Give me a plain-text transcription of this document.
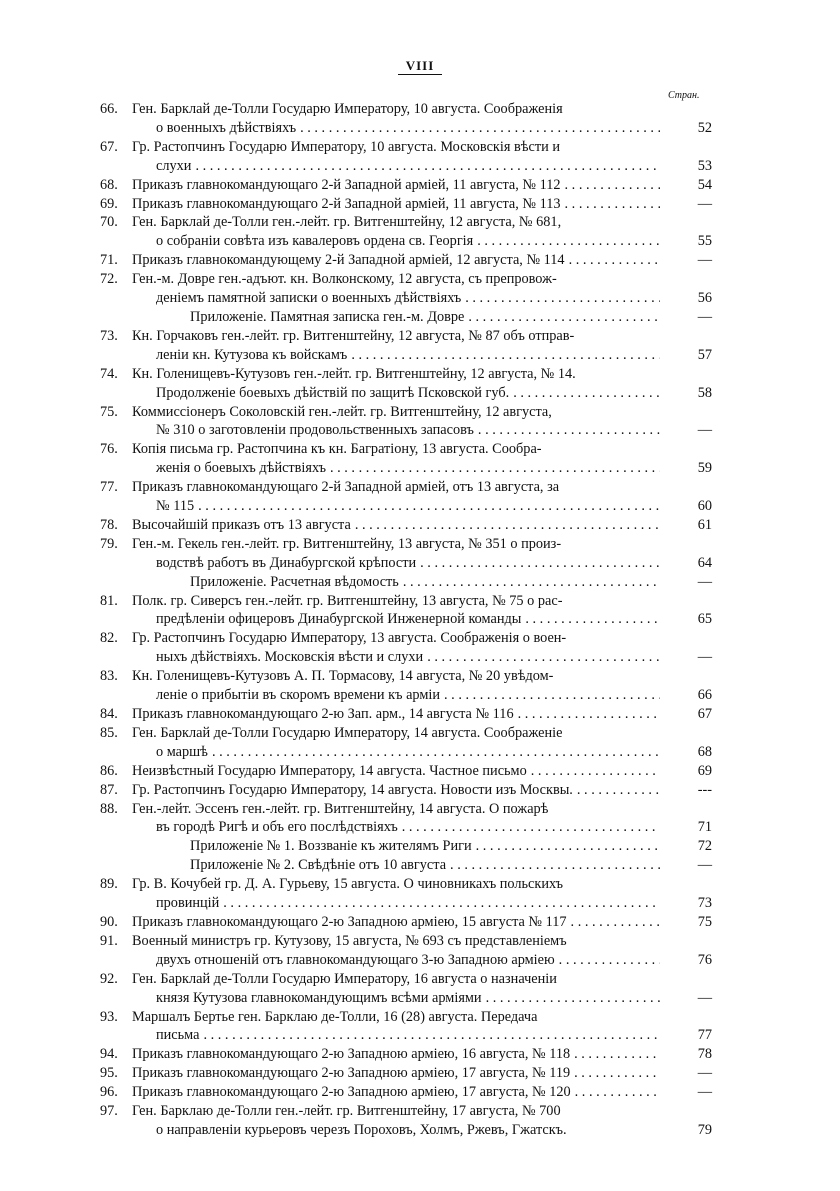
VIII
Стран.
66. Ген. Барклай де-Толли Государю Императору, 10 августа. Соображенія
о военныхъ дѣйствіяхъ . . .	52
67. Гр. Растопчинъ Государю Императору, 10 августа. Московскія вѣсти и
слухи . . .	53
68. Приказъ главнокомандующаго 2-й Западной арміей, 11 августа, № 112 . . .	54
69. Приказъ главнокомандующаго 2-й Западной арміей, 11 августа, № 113 . . .	—
70. Ген. Барклай де-Толли ген.-лейт. гр. Витгенштейну, 12 августа, № 681,
о собраніи совѣта изъ кавалеровъ ордена св. Георгія . . .	55
71. Приказъ главнокомандующему 2-й Западной арміей, 12 августа, № 114 . . .	—
72. Ген.-м. Довре ген.-адъют. кн. Волконскому, 12 августа, съ препровож-
деніемъ памятной записки о военныхъ дѣйствіяхъ . . .	56
Приложеніе. Памятная записка ген.-м. Довре . . .	—
73. Кн. Горчаковъ ген.-лейт. гр. Витгенштейну, 12 августа, № 87 объ отправ-
леніи кн. Кутузова къ войскамъ . . .	57
74. Кн. Голенищевъ-Кутузовъ ген.-лейт. гр. Витгенштейну, 12 августа, № 14.
Продолженіе боевыхъ дѣйствій по защитѣ Псковской губ. . . .	58
75. Коммиссіонеръ Соколовскій ген.-лейт. гр. Витгенштейну, 12 августа,
№ 310 о заготовленіи продовольственныхъ запасовъ . . .	—
76. Копія письма гр. Растопчина къ кн. Багратіону, 13 августа. Сообра-
женія о боевыхъ дѣйствіяхъ . . .	59
77. Приказъ главнокомандующаго 2-й Западной арміей, отъ 13 августа, за
№ 115 . . .	60
78. Высочайшій приказъ отъ 13 августа . . .	61
79. Ген.-м. Гекель ген.-лейт. гр. Витгенштейну, 13 августа, № 351 о произ-
водствѣ работъ въ Динабургской крѣпости . . .	64
Приложеніе. Расчетная вѣдомость . . .	—
81. Полк. гр. Сиверсъ ген.-лейт. гр. Витгенштейну, 13 августа, № 75 о рас-
предѣленіи офицеровъ Динабургской Инженерной команды . . .	65
82. Гр. Растопчинъ Государю Императору, 13 августа. Соображенія о воен-
ныхъ дѣйствіяхъ. Московскія вѣсти и слухи . . .	—
83. Кн. Голенищевъ-Кутузовъ А. П. Тормасову, 14 августа, № 20 увѣдом-
леніе о прибытіи въ скоромъ времени къ арміи . . .	66
84. Приказъ главнокомандующаго 2-ю Зап. арм., 14 августа № 116 . . .	67
85. Ген. Барклай де-Толли Государю Императору, 14 августа. Соображеніе
о маршѣ . . .	68
86. Неизвѣстный Государю Императору, 14 августа. Частное письмо . . .	69
87. Гр. Растопчинъ Государю Императору, 14 августа. Новости изъ Москвы. . . .	---
88. Ген.-лейт. Эссенъ ген.-лейт. гр. Витгенштейну, 14 августа. О пожарѣ
въ городѣ Ригѣ и объ его послѣдствіяхъ . . .	71
Приложеніе № 1. Воззваніе къ жителямъ Риги . . .	72
Приложеніе № 2. Свѣдѣніе отъ 10 августа . . .	—
89. Гр. В. Кочубей гр. Д. А. Гурьеву, 15 августа. О чиновникахъ польскихъ
провинцій . . .	73
90. Приказъ главнокомандующаго 2-ю Западною арміею, 15 августа № 117 . . .	75
91. Военный министръ гр. Кутузову, 15 августа, № 693 съ представленіемъ
двухъ отношеній отъ главнокомандующаго 3-ю Западною арміею . . .	76
92. Ген. Барклай де-Толли Государю Императору, 16 августа о назначеніи
князя Кутузова главнокомандующимъ всѣми арміями . . .	—
93. Маршалъ Бертье ген. Барклаю де-Толли, 16 (28) августа. Передача
письма . . .	77
94. Приказъ главнокомандующаго 2-ю Западною арміею, 16 августа, № 118 . . .	78
95. Приказъ главнокомандующаго 2-ю Западною арміею, 17 августа, № 119 . . .	—
96. Приказъ главнокомандующаго 2-ю Западною арміею, 17 августа, № 120 . . .	—
97. Ген. Барклаю де-Толли ген.-лейт. гр. Витгенштейну, 17 августа, № 700
о направленіи курьеровъ черезъ Пороховъ, Холмъ, Ржевъ, Гжатскъ.	79
